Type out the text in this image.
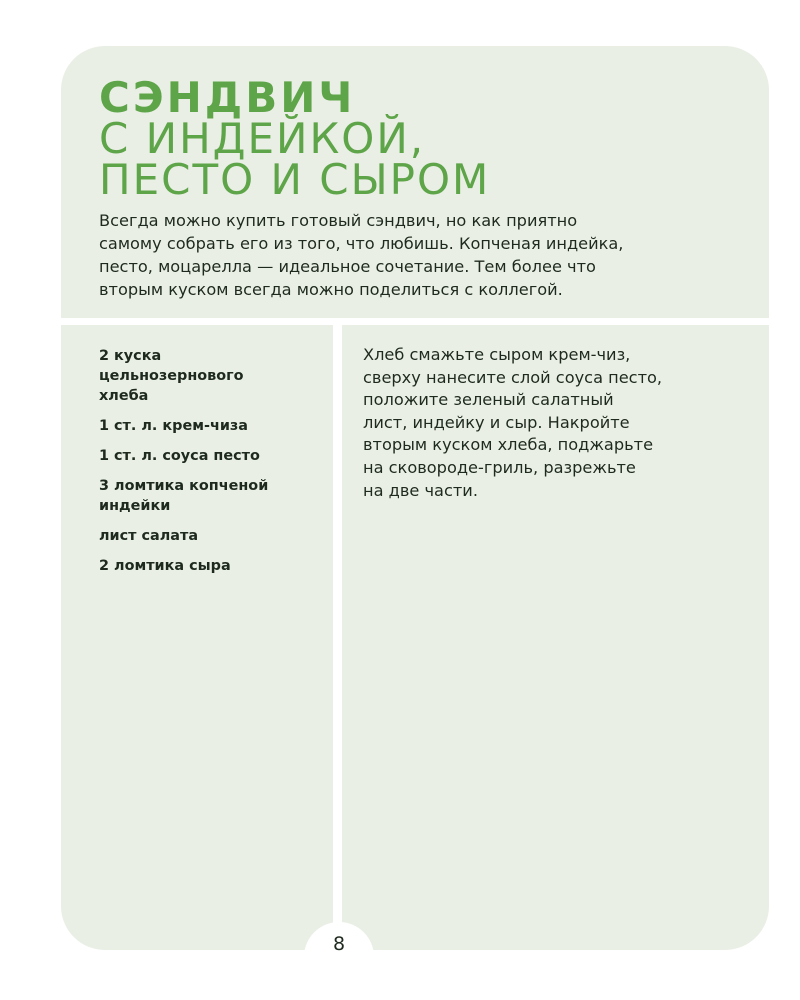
СЭНДВИЧ
С ИНДЕЙКОЙ,
ПЕСТО И СЫРОМ

Всегда можно купить готовый сэндвич, но как приятно
самому собрать его из того, что любишь. Копченая индейка,
песто, моцарелла — идеальное сочетание. Тем более что
вторым куском всегда можно поделиться с коллегой.

2 куска
цельнозернового
хлеба
1 ст. л. крем-чиза
1 ст. л. соуса песто
3 ломтика копченой
индейки
лист салата
2 ломтика сыра

Хлеб смажьте сыром крем-чиз,
сверху нанесите слой соуса песто,
положите зеленый салатный
лист, индейку и сыр. Накройте
вторым куском хлеба, поджарьте
на сковороде-гриль, разрежьте
на две части.

8
